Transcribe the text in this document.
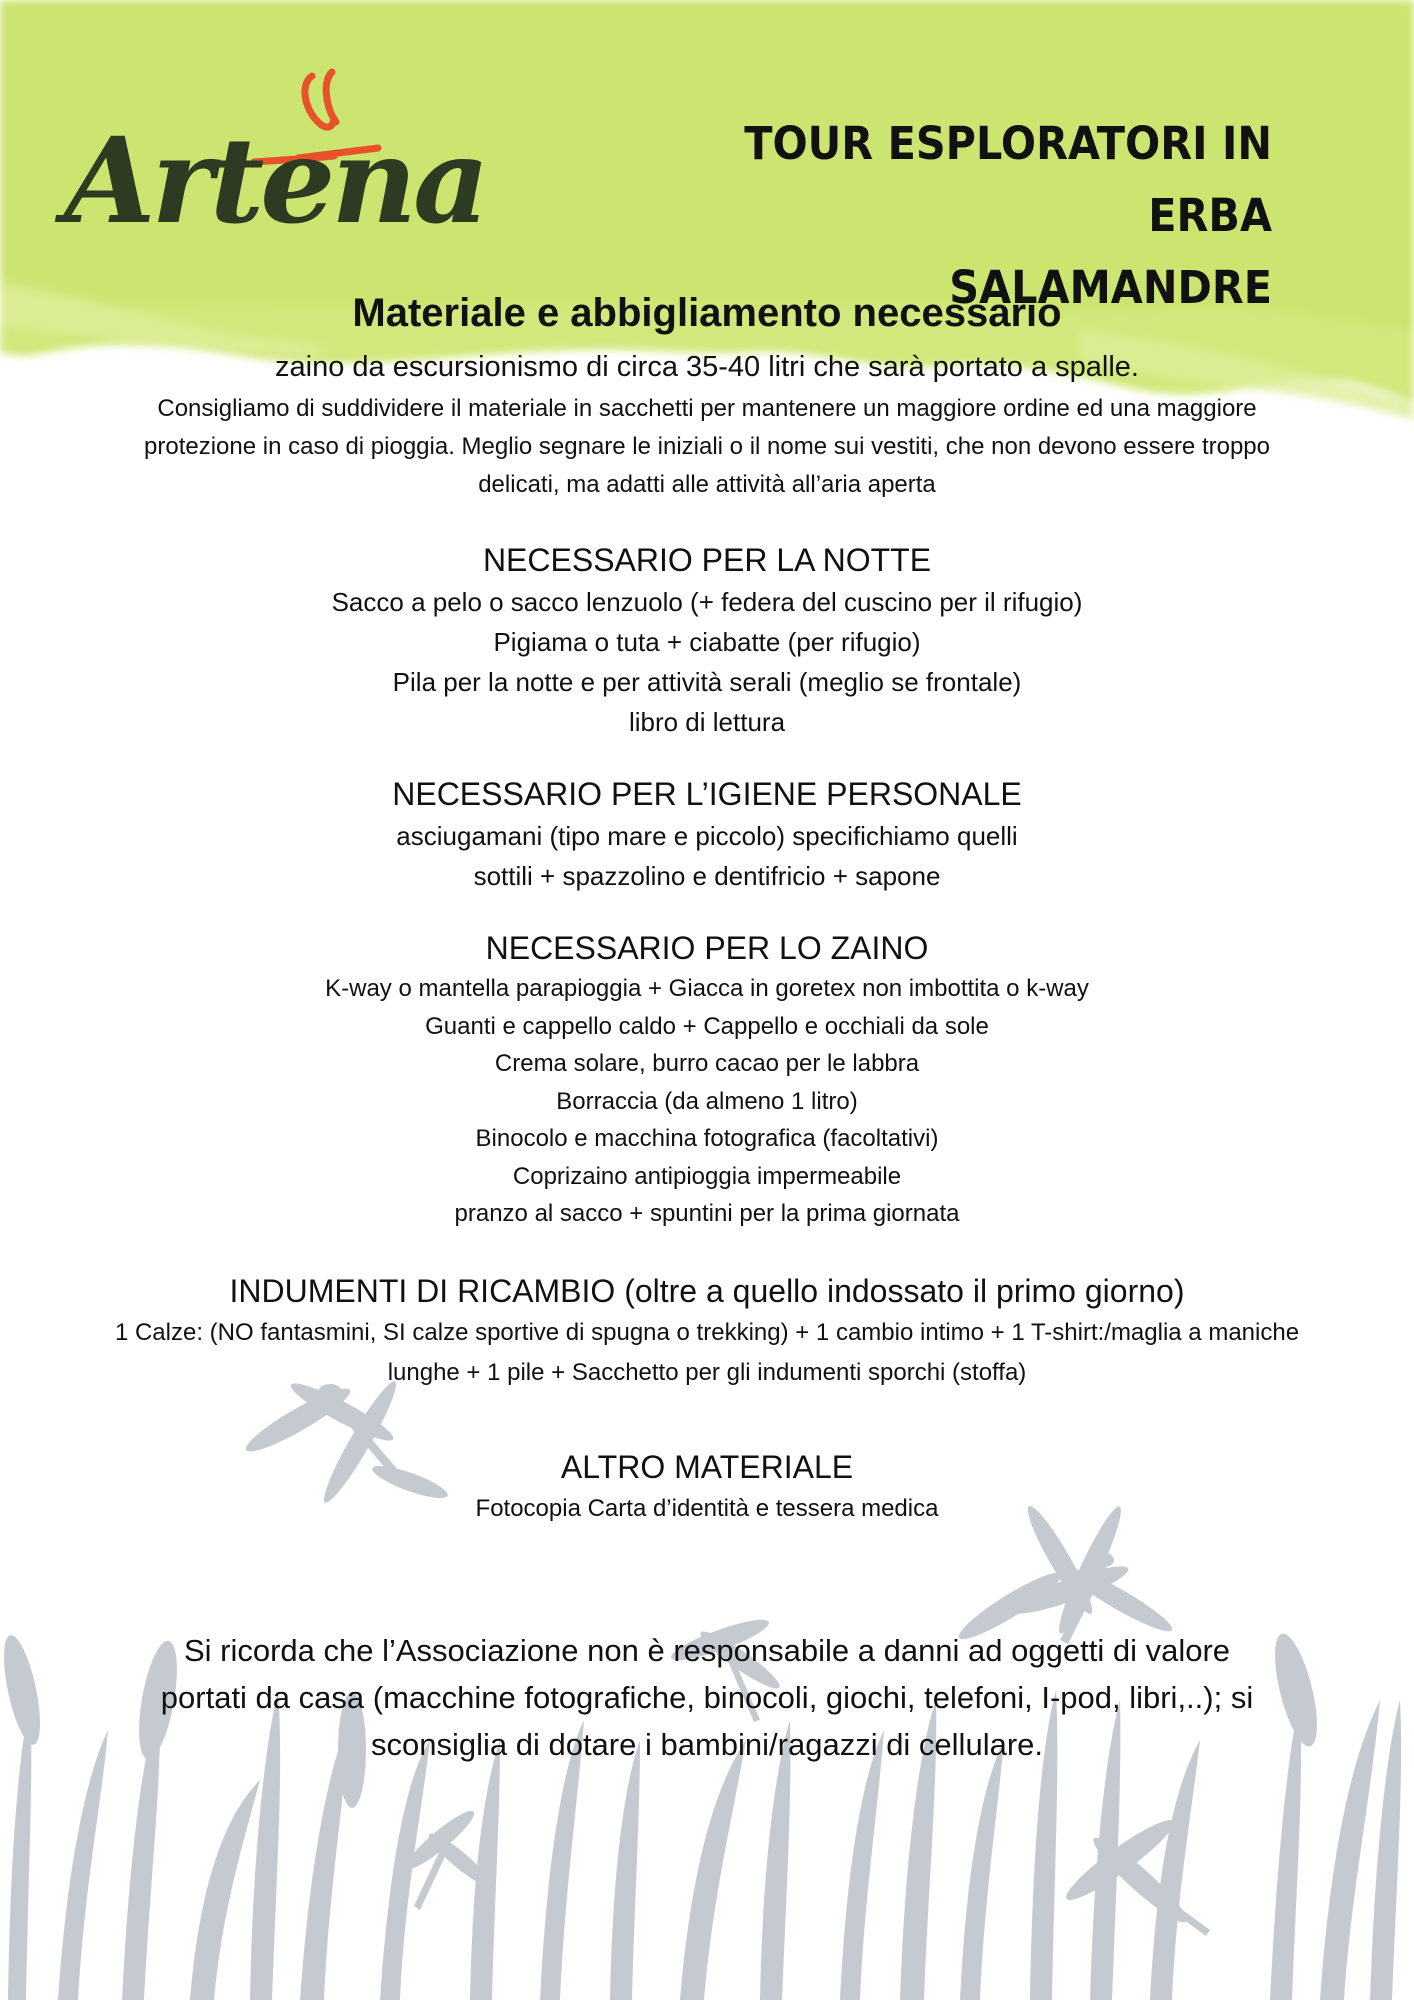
Artena	TOUR ESPLORATORI IN ERBA
SALAMANDRE
Materiale e abbigliamento necessario
zaino da escursionismo di circa 35-40 litri che sarà portato a spalle.
Consigliamo di suddividere il materiale in sacchetti per mantenere un maggiore ordine ed una maggiore protezione in caso di pioggia. Meglio segnare le iniziali o il nome sui vestiti, che non devono essere troppo delicati, ma adatti alle attività all’aria aperta
NECESSARIO PER LA NOTTE
Sacco a pelo o sacco lenzuolo (+ federa del cuscino per il rifugio)
Pigiama o tuta + ciabatte (per rifugio)
Pila per la notte e per attività serali (meglio se frontale)
libro di lettura
NECESSARIO PER L’IGIENE PERSONALE
asciugamani (tipo mare e piccolo) specifichiamo quelli
sottili + spazzolino e dentifricio + sapone
NECESSARIO PER LO ZAINO
K-way o mantella parapioggia + Giacca in goretex non imbottita o k-way
Guanti e cappello caldo + Cappello e occhiali da sole
Crema solare, burro cacao per le labbra
Borraccia (da almeno 1 litro)
Binocolo e macchina fotografica (facoltativi)
Coprizaino antipioggia impermeabile
pranzo al sacco + spuntini per la prima giornata
INDUMENTI DI RICAMBIO (oltre a quello indossato il primo giorno)
1 Calze: (NO fantasmini, SI calze sportive di spugna o trekking) + 1 cambio intimo + 1 T-shirt:/maglia a maniche lunghe + 1 pile + Sacchetto per gli indumenti sporchi (stoffa)
ALTRO MATERIALE
Fotocopia Carta d’identità e tessera medica
Si ricorda che l’Associazione non è responsabile a danni ad oggetti di valore portati da casa (macchine fotografiche, binocoli, giochi, telefoni, I-pod, libri,..); si sconsiglia di dotare i bambini/ragazzi di cellulare.
